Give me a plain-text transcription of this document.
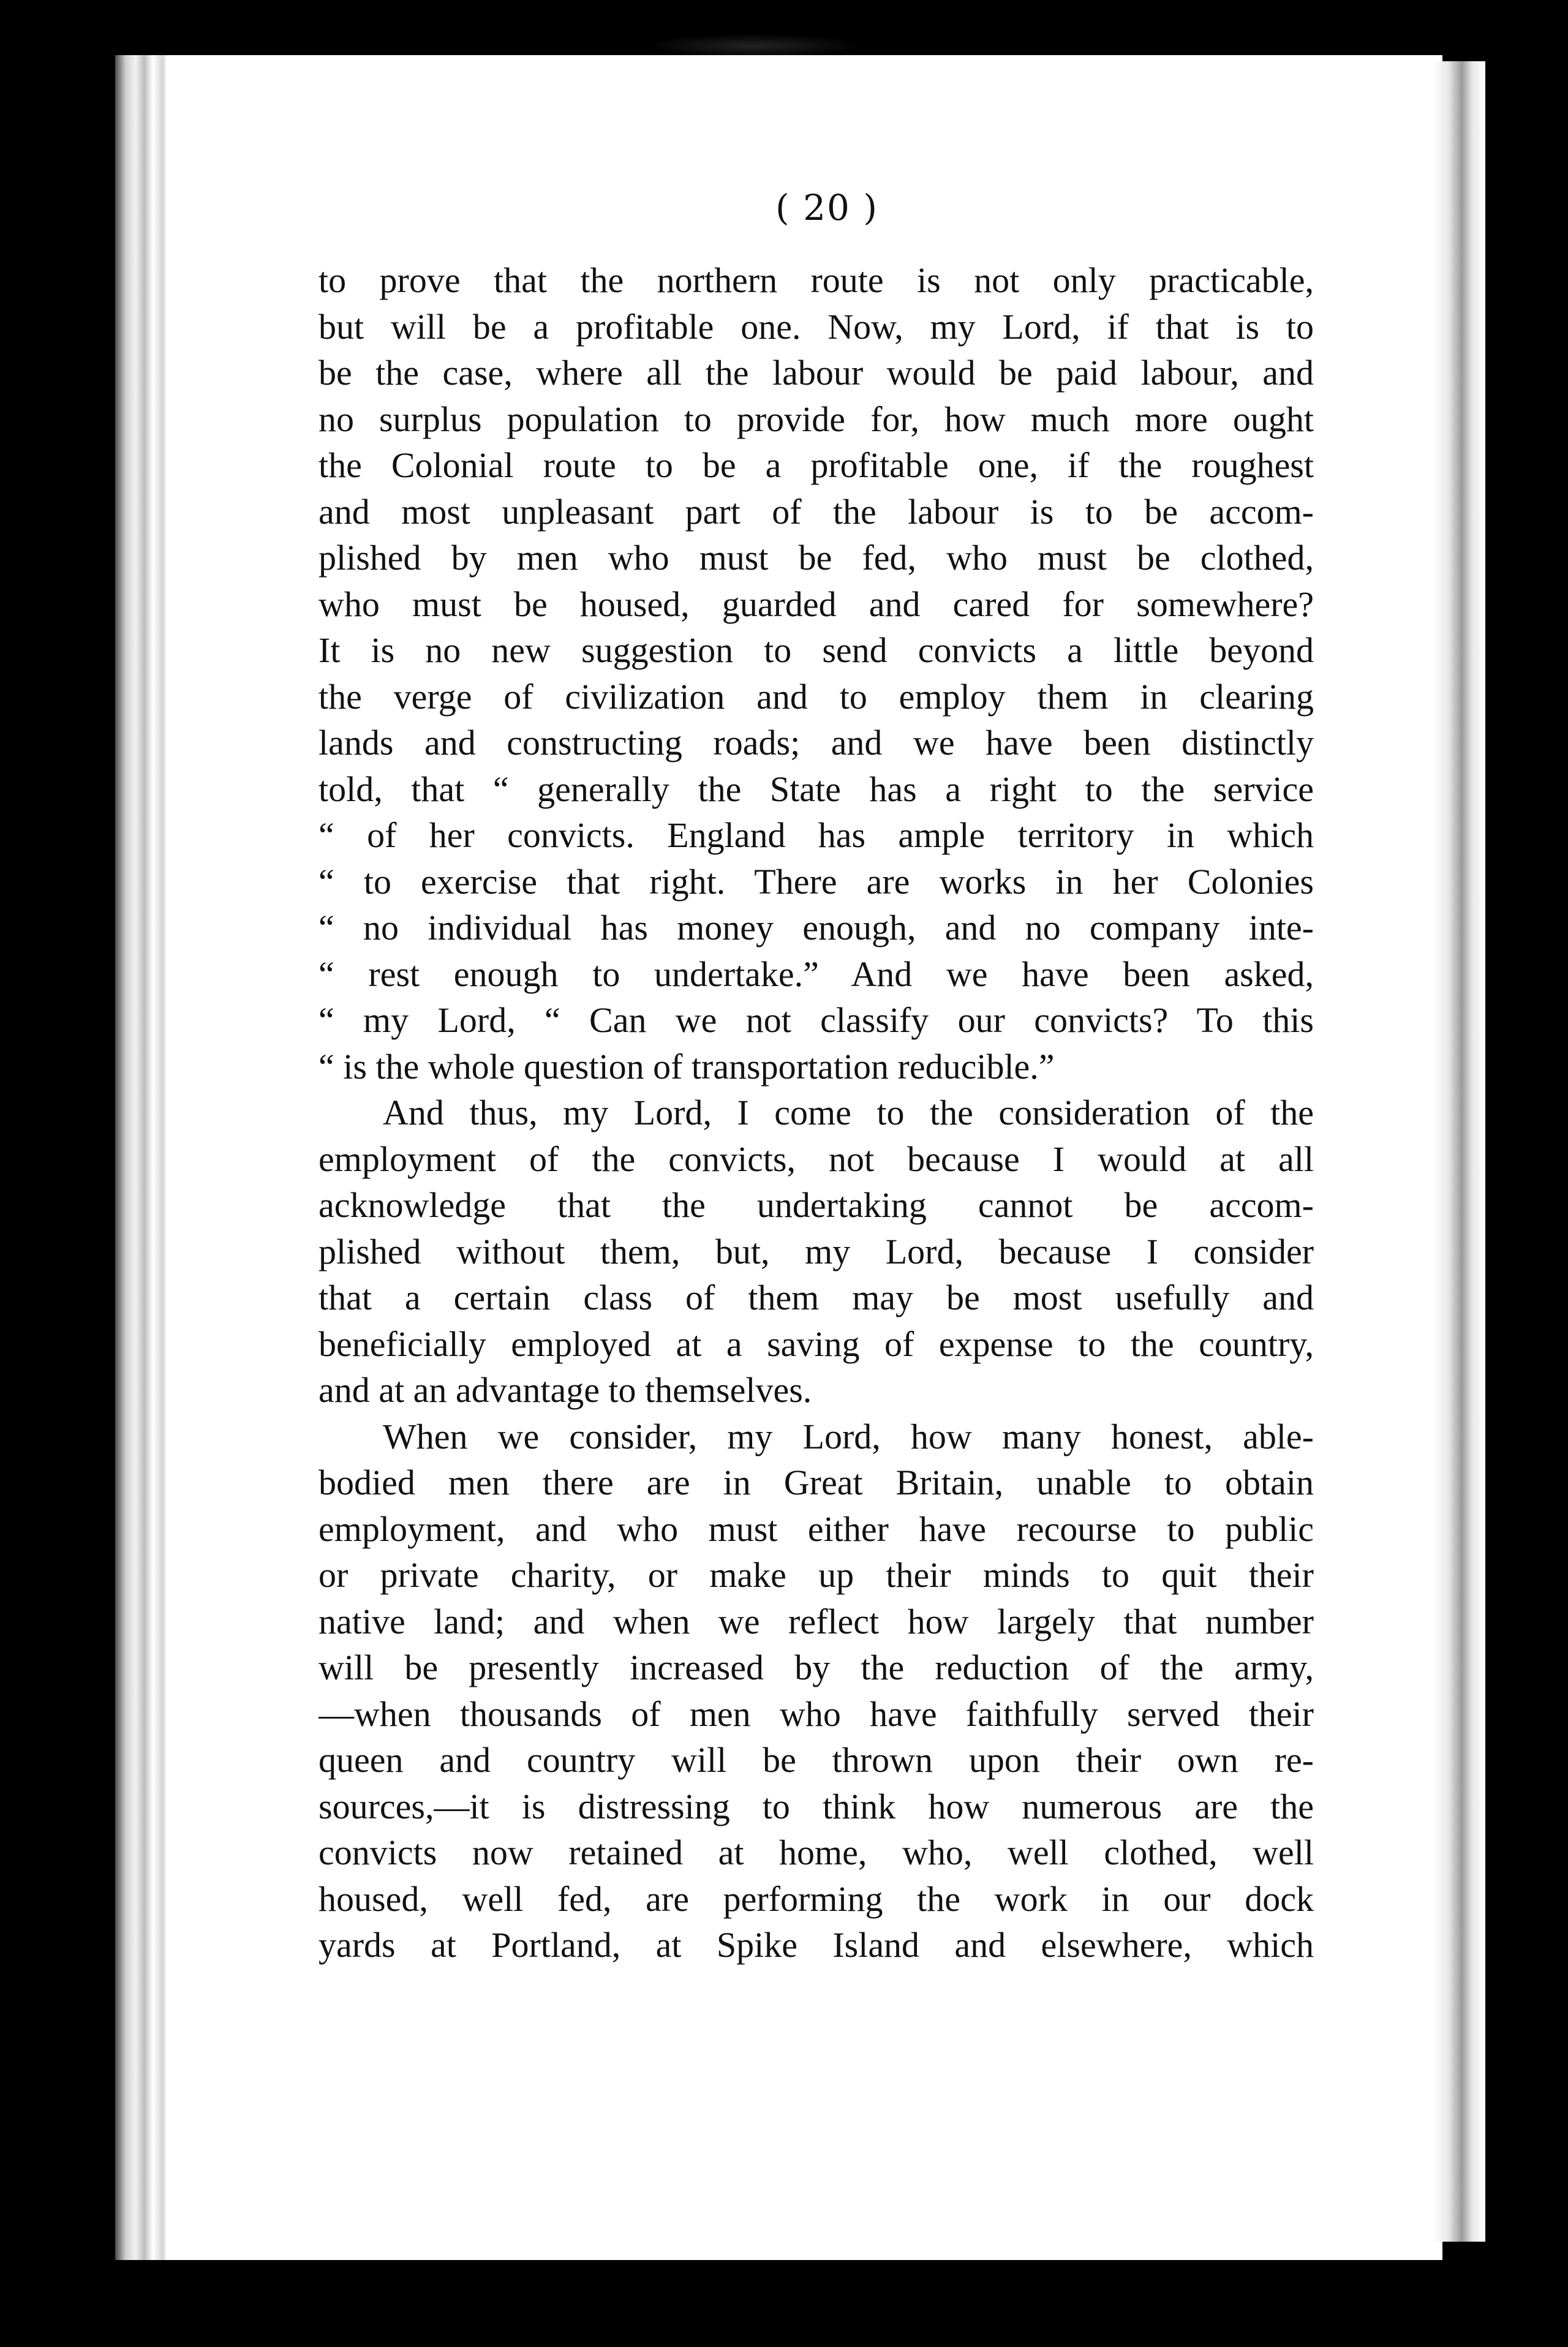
( 20 )
to prove that the northern route is not only practicable,
but will be a profitable one. Now, my Lord, if that is to
be the case, where all the labour would be paid labour, and
no surplus population to provide for, how much more ought
the Colonial route to be a profitable one, if the roughest
and most unpleasant part of the labour is to be accom-
plished by men who must be fed, who must be clothed,
who must be housed, guarded and cared for somewhere?
It is no new suggestion to send convicts a little beyond
the verge of civilization and to employ them in clearing
lands and constructing roads; and we have been distinctly
told, that “ generally the State has a right to the service
“ of her convicts. England has ample territory in which
“ to exercise that right. There are works in her Colonies
“ no individual has money enough, and no company inte-
“ rest enough to undertake.” And we have been asked,
“ my Lord, “ Can we not classify our convicts? To this
“ is the whole question of transportation reducible.”
And thus, my Lord, I come to the consideration of the
employment of the convicts, not because I would at all
acknowledge that the undertaking cannot be accom-
plished without them, but, my Lord, because I consider
that a certain class of them may be most usefully and
beneficially employed at a saving of expense to the country,
and at an advantage to themselves.
When we consider, my Lord, how many honest, able-
bodied men there are in Great Britain, unable to obtain
employment, and who must either have recourse to public
or private charity, or make up their minds to quit their
native land; and when we reflect how largely that number
will be presently increased by the reduction of the army,
—when thousands of men who have faithfully served their
queen and country will be thrown upon their own re-
sources,—it is distressing to think how numerous are the
convicts now retained at home, who, well clothed, well
housed, well fed, are performing the work in our dock
yards at Portland, at Spike Island and elsewhere, which
